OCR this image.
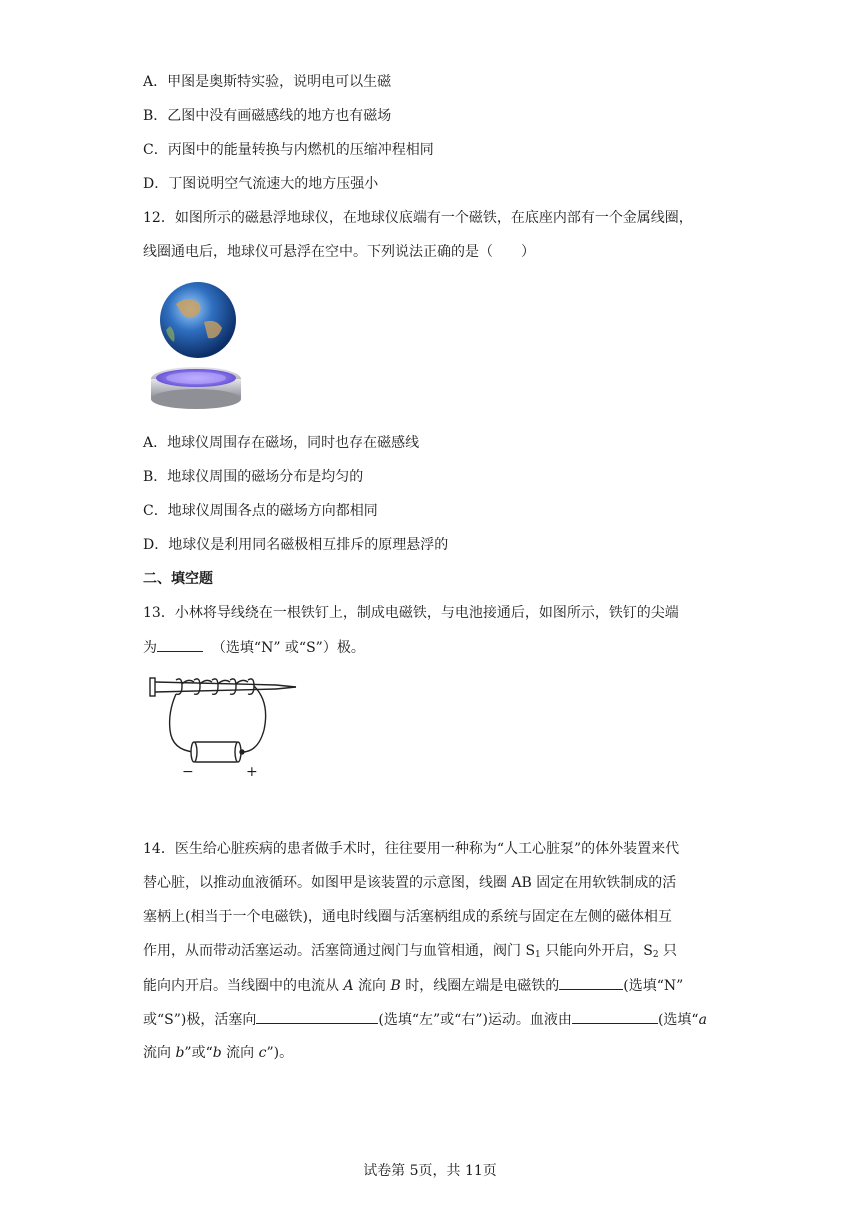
A．甲图是奥斯特实验，说明电可以生磁
B．乙图中没有画磁感线的地方也有磁场
C．丙图中的能量转换与内燃机的压缩冲程相同
D．丁图说明空气流速大的地方压强小
12．如图所示的磁悬浮地球仪，在地球仪底端有一个磁铁，在底座内部有一个金属线圈，
线圈通电后，地球仪可悬浮在空中。下列说法正确的是（　　）
A．地球仪周围存在磁场，同时也存在磁感线
B．地球仪周围的磁场分布是均匀的
C．地球仪周围各点的磁场方向都相同
D．地球仪是利用同名磁极相互排斥的原理悬浮的
二、填空题
13．小林将导线绕在一根铁钉上，制成电磁铁，与电池接通后，如图所示，铁钉的尖端
为	（选填“N” 或“S”）极。
−	+
14．医生给心脏疾病的患者做手术时，往往要用一种称为“人工心脏泵”的体外装置来代
替心脏，以推动血液循环。如图甲是该装置的示意图，线圈 AB 固定在用软铁制成的活
塞柄上(相当于一个电磁铁)，通电时线圈与活塞柄组成的系统与固定在左侧的磁体相互
作用，从而带动活塞运动。活塞筒通过阀门与血管相通，阀门 $S_1$ 只能向外开启，$S_2$ 只
能向内开启。当线圈中的电流从 A 流向 B 时，线圈左端是电磁铁的	(选填“N”
或“S”)极，活塞向	(选填“左”或“右”)运动。血液由	(选填“a
流向 b”或“b 流向 c”)。
试卷第 5页，共 11页
